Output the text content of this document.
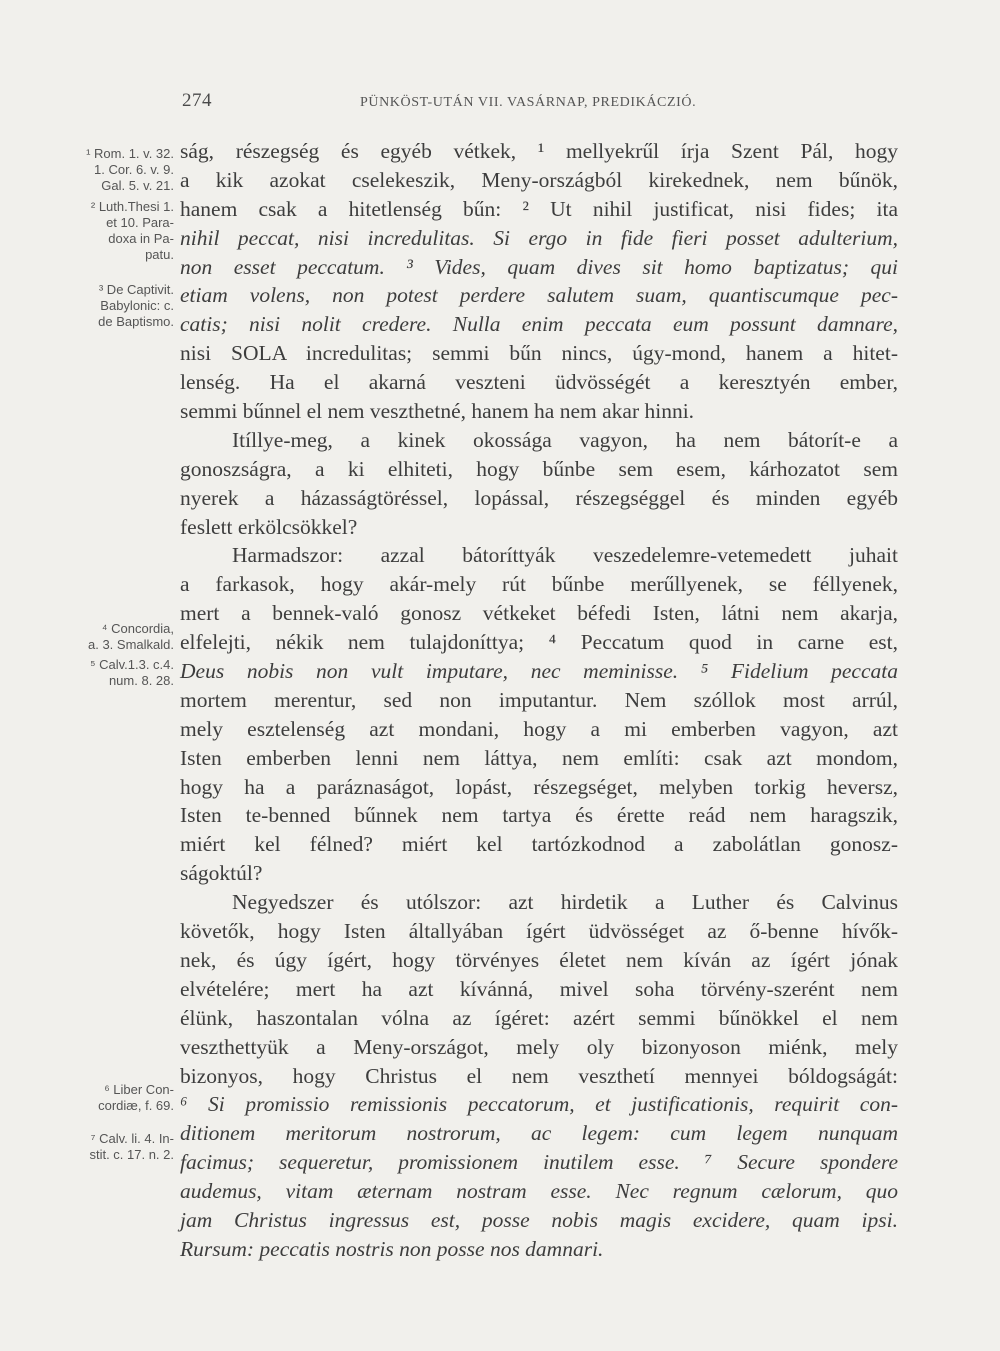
274	PÜNKÖST-UTÁN VII. VASÁRNAP, PREDIKÁCZIÓ.
¹ Rom. 1. v. 32.
1. Cor. 6. v. 9.
Gal. 5. v. 21.
² Luth.Thesi 1.
et 10. Para-
doxa in Pa-
patu.
³ De Captivit.
Babylonic: c.
de Baptismo.
⁴ Concordia,
a. 3. Smalkald.
⁵ Calv.1.3. c.4.
num. 8. 28.
⁶ Liber Con-
cordiæ, f. 69.
⁷ Calv. li. 4. In-
stit. c. 17. n. 2.
ság, részegség és egyéb vétkek, ¹ mellyekrűl írja Szent Pál, hogy
a kik azokat cselekeszik, Meny-országból kirekednek, nem bűnök,
hanem csak a hitetlenség bűn: ² Ut nihil justificat, nisi fides; ita
nihil peccat, nisi incredulitas. Si ergo in fide fieri posset adulterium,
non esset peccatum. ³ Vides, quam dives sit homo baptizatus; qui
etiam volens, non potest perdere salutem suam, quantiscumque pec-
catis; nisi nolit credere. Nulla enim peccata eum possunt damnare,
nisi SOLA incredulitas; semmi bűn nincs, úgy-mond, hanem a hitet-
lenség. Ha el akarná veszteni üdvösségét a keresztyén ember,
semmi bűnnel el nem veszthetné, hanem ha nem akar hinni.
Itíllye-meg, a kinek okossága vagyon, ha nem bátorít-e a
gonoszságra, a ki elhiteti, hogy bűnbe sem esem, kárhozatot sem
nyerek a házasságtöréssel, lopással, részegséggel és minden egyéb
feslett erkölcsökkel?
Harmadszor: azzal bátoríttyák veszedelemre-vetemedett juhait
a farkasok, hogy akár-mely rút bűnbe merűllyenek, se féllyenek,
mert a bennek-való gonosz vétkeket béfedi Isten, látni nem akarja,
elfelejti, nékik nem tulajdoníttya; ⁴ Peccatum quod in carne est,
Deus nobis non vult imputare, nec meminisse. ⁵ Fidelium peccata
mortem merentur, sed non imputantur. Nem szóllok most arrúl,
mely esztelenség azt mondani, hogy a mi emberben vagyon, azt
Isten emberben lenni nem láttya, nem említi: csak azt mondom,
hogy ha a paráznaságot, lopást, részegséget, melyben torkig heversz,
Isten te-benned bűnnek nem tartya és érette reád nem haragszik,
miért kel félned? miért kel tartózkodnod a zabolátlan gonosz-
ságoktúl?
Negyedszer és utólszor: azt hirdetik a Luther és Calvinus
követők, hogy Isten általlyában ígért üdvösséget az ő-benne hívők-
nek, és úgy ígért, hogy törvényes életet nem kíván az ígért jónak
elvételére; mert ha azt kívánná, mivel soha törvény-szerént nem
élünk, haszontalan vólna az ígéret: azért semmi bűnökkel el nem
veszthettyük a Meny-országot, mely oly bizonyoson miénk, mely
bizonyos, hogy Christus el nem veszthetí mennyei bóldogságát:
⁶ Si promissio remissionis peccatorum, et justificationis, requirit con-
ditionem meritorum nostrorum, ac legem: cum legem nunquam
facimus; sequeretur, promissionem inutilem esse. ⁷ Secure spondere
audemus, vitam æternam nostram esse. Nec regnum cælorum, quo
jam Christus ingressus est, posse nobis magis excidere, quam ipsi.
Rursum: peccatis nostris non posse nos damnari.
